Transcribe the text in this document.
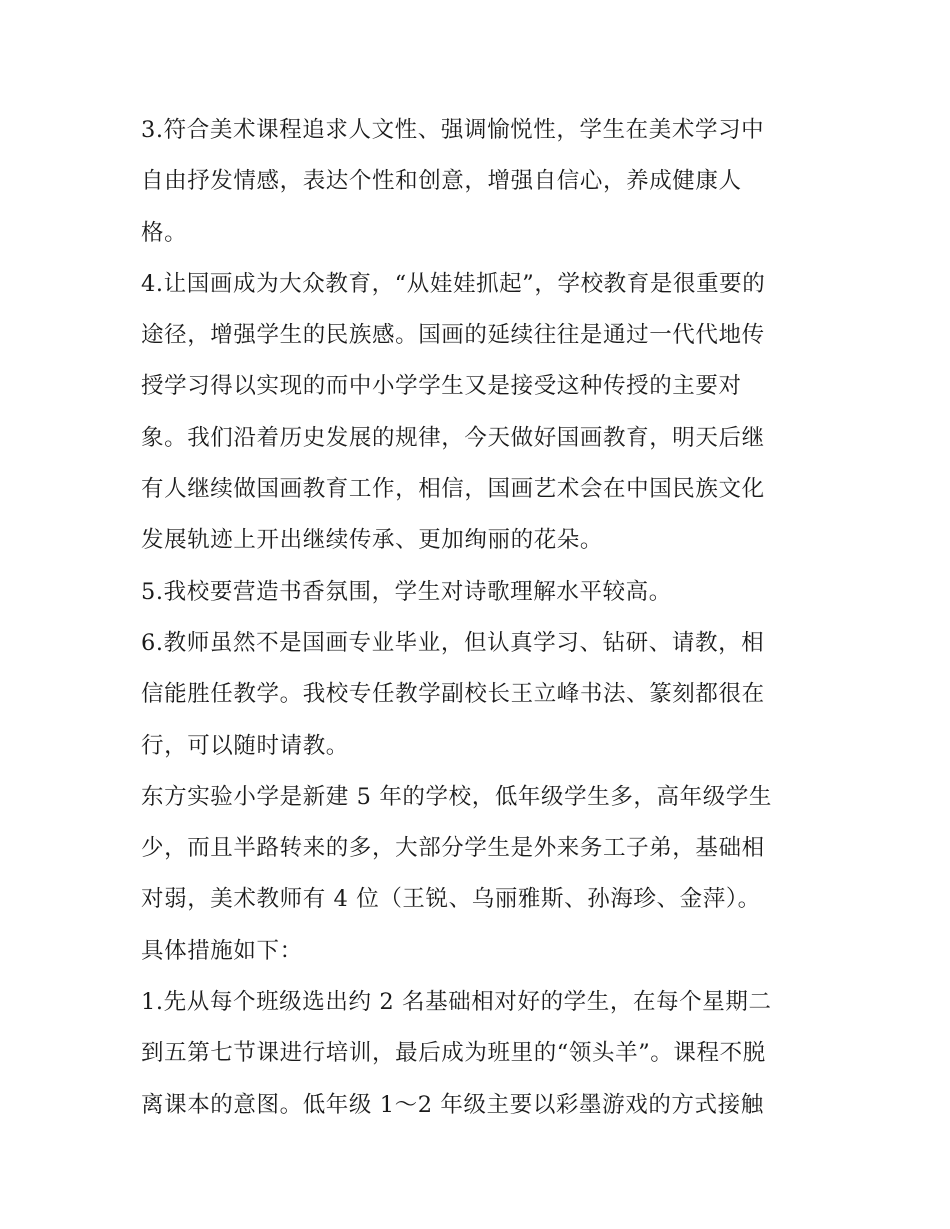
3.符合美术课程追求人文性、强调愉悦性，学生在美术学习中
自由抒发情感，表达个性和创意，增强自信心，养成健康人
格。
4.让国画成为大众教育，“从娃娃抓起”，学校教育是很重要的
途径，增强学生的民族感。国画的延续往往是通过一代代地传
授学习得以实现的而中小学学生又是接受这种传授的主要对
象。我们沿着历史发展的规律，今天做好国画教育，明天后继
有人继续做国画教育工作，相信，国画艺术会在中国民族文化
发展轨迹上开出继续传承、更加绚丽的花朵。
5.我校要营造书香氛围，学生对诗歌理解水平较高。
6.教师虽然不是国画专业毕业，但认真学习、钻研、请教，相
信能胜任教学。我校专任教学副校长王立峰书法、篆刻都很在
行，可以随时请教。
东方实验小学是新建 5 年的学校，低年级学生多，高年级学生
少，而且半路转来的多，大部分学生是外来务工子弟，基础相
对弱，美术教师有 4 位（王锐、乌丽雅斯、孙海珍、金萍）。
具体措施如下：
1.先从每个班级选出约 2 名基础相对好的学生，在每个星期二
到五第七节课进行培训，最后成为班里的“领头羊”。课程不脱
离课本的意图。低年级 1～2 年级主要以彩墨游戏的方式接触
